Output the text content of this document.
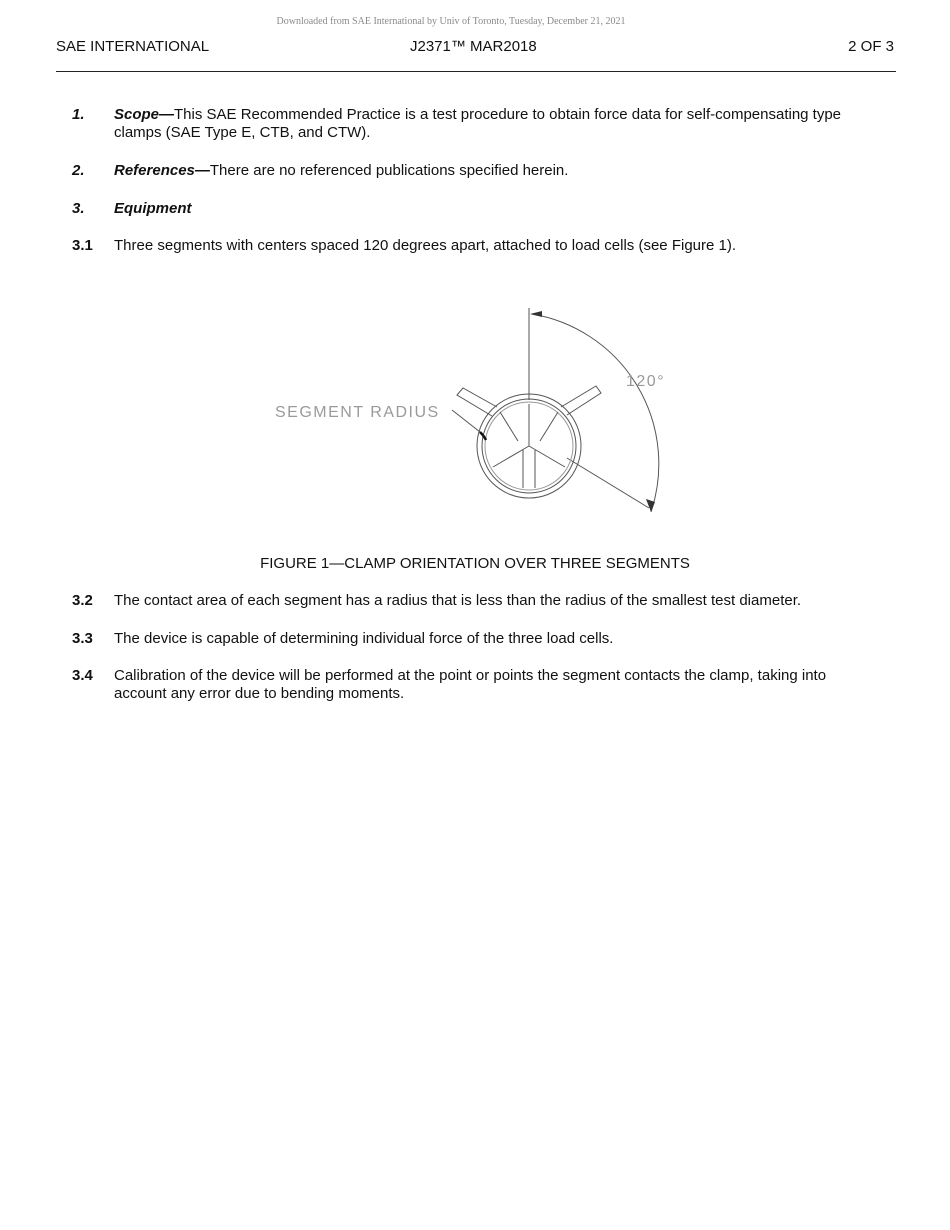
Downloaded from SAE International by Univ of Toronto, Tuesday, December 21, 2021
SAE INTERNATIONAL	J2371™ MAR2018	2 OF 3
1.	Scope—This SAE Recommended Practice is a test procedure to obtain force data for self-compensating type clamps (SAE Type E, CTB, and CTW).
2.	References—There are no referenced publications specified herein.
3.	Equipment
3.1	Three segments with centers spaced 120 degrees apart, attached to load cells (see Figure 1).
SEGMENT RADIUS
120°
FIGURE 1—CLAMP ORIENTATION OVER THREE SEGMENTS
3.2	The contact area of each segment has a radius that is less than the radius of the smallest test diameter.
3.3	The device is capable of determining individual force of the three load cells.
3.4	Calibration of the device will be performed at the point or points the segment contacts the clamp, taking into account any error due to bending moments.
